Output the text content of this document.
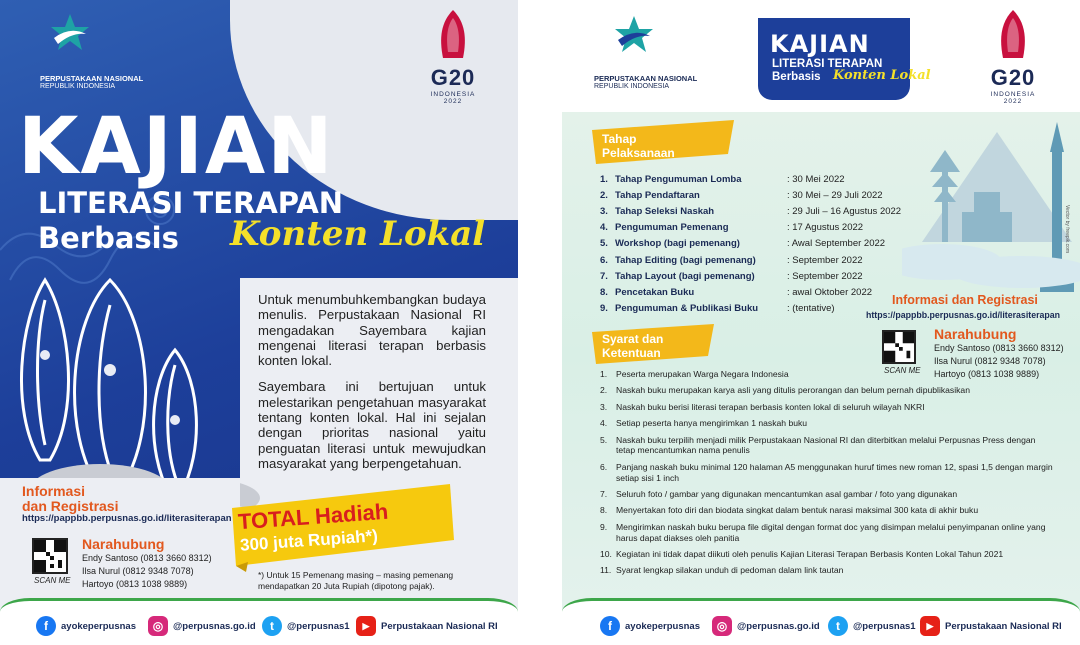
PERPUSTAKAAN NASIONAL
REPUBLIK INDONESIA	G20
INDONESIA
2022
KAJIAN
LITERASI TERAPAN
Berbasis Konten Lokal

Untuk menumbuhkembangkan budaya menulis. Perpustakaan Nasional RI mengadakan Sayembara kajian mengenai literasi terapan berbasis konten lokal.

Sayembara ini bertujuan untuk melestarikan pengetahuan masyarakat tentang konten lokal. Hal ini sejalan dengan prioritas nasional yaitu penguatan literasi untuk mewujudkan masyarakat yang berpengetahuan.

Informasi
dan Registrasi
https://pappbb.perpusnas.go.id/literasiterapan
SCAN ME
Narahubung
Endy Santoso (0813 3660 8312)
Ilsa Nurul (0812 9348 7078)
Hartoyo (0813 1038 9889)
TOTAL Hadiah
300 juta Rupiah*)
*) Untuk 15 Pemenang masing – masing pemenang mendapatkan 20 Juta Rupiah (dipotong pajak).
f	ayokeperpusnas	◎	@perpusnas.go.id	t	@perpusnas1	▶	Perpustakaan Nasional RI
PERPUSTAKAAN NASIONAL
REPUBLIK INDONESIA
KAJIAN
LITERASI TERAPAN
Berbasis Konten Lokal	G20
INDONESIA
2022
Vector by freepik.com
Tahap
Pelaksanaan
1. Tahap Pengumuman Lomba	: 30 Mei 2022
2. Tahap Pendaftaran	: 30 Mei – 29 Juli 2022
3. Tahap Seleksi Naskah	: 29 Juli – 16 Agustus 2022
4. Pengumuman Pemenang	: 17 Agustus 2022
5. Workshop (bagi pemenang)	: Awal September 2022
6. Tahap Editing (bagi pemenang)	: September 2022
7. Tahap Layout (bagi pemenang)	: September 2022
8. Pencetakan Buku	: awal Oktober 2022
9. Pengumuman & Publikasi Buku	: (tentative)
Informasi dan Registrasi
https://pappbb.perpusnas.go.id/literasiterapan
SCAN ME
Narahubung
Endy Santoso (0813 3660 8312)
Ilsa Nurul (0812 9348 7078)
Hartoyo (0813 1038 9889)
Syarat dan
Ketentuan
1.	Peserta merupakan Warga Negara Indonesia
2.	Naskah buku merupakan karya asli yang ditulis perorangan dan belum pernah dipublikasikan
3.	Naskah buku berisi literasi terapan berbasis konten lokal di seluruh wilayah NKRI
4.	Setiap peserta hanya mengirimkan 1 naskah buku
5.	Naskah buku terpilih menjadi milik Perpustakaan Nasional RI dan diterbitkan melalui Perpusnas Press dengan tetap mencantumkan nama penulis
6.	Panjang naskah buku minimal 120 halaman A5 menggunakan huruf times new roman 12, spasi 1,5 dengan margin setiap sisi 1 inch
7.	Seluruh foto / gambar yang digunakan mencantumkan asal gambar / foto yang digunakan
8.	Menyertakan foto diri dan biodata singkat dalam bentuk narasi maksimal 300 kata di akhir buku
9.	Mengirimkan naskah buku berupa file digital dengan format doc yang disimpan melalui penyimpanan online yang harus dapat diakses oleh panitia
10. Kegiatan ini tidak dapat diikuti oleh penulis Kajian Literasi Terapan Berbasis Konten Lokal Tahun 2021
11. Syarat lengkap silakan unduh di pedoman dalam link tautan
f	ayokeperpusnas	◎	@perpusnas.go.id	t	@perpusnas1	▶	Perpustakaan Nasional RI
